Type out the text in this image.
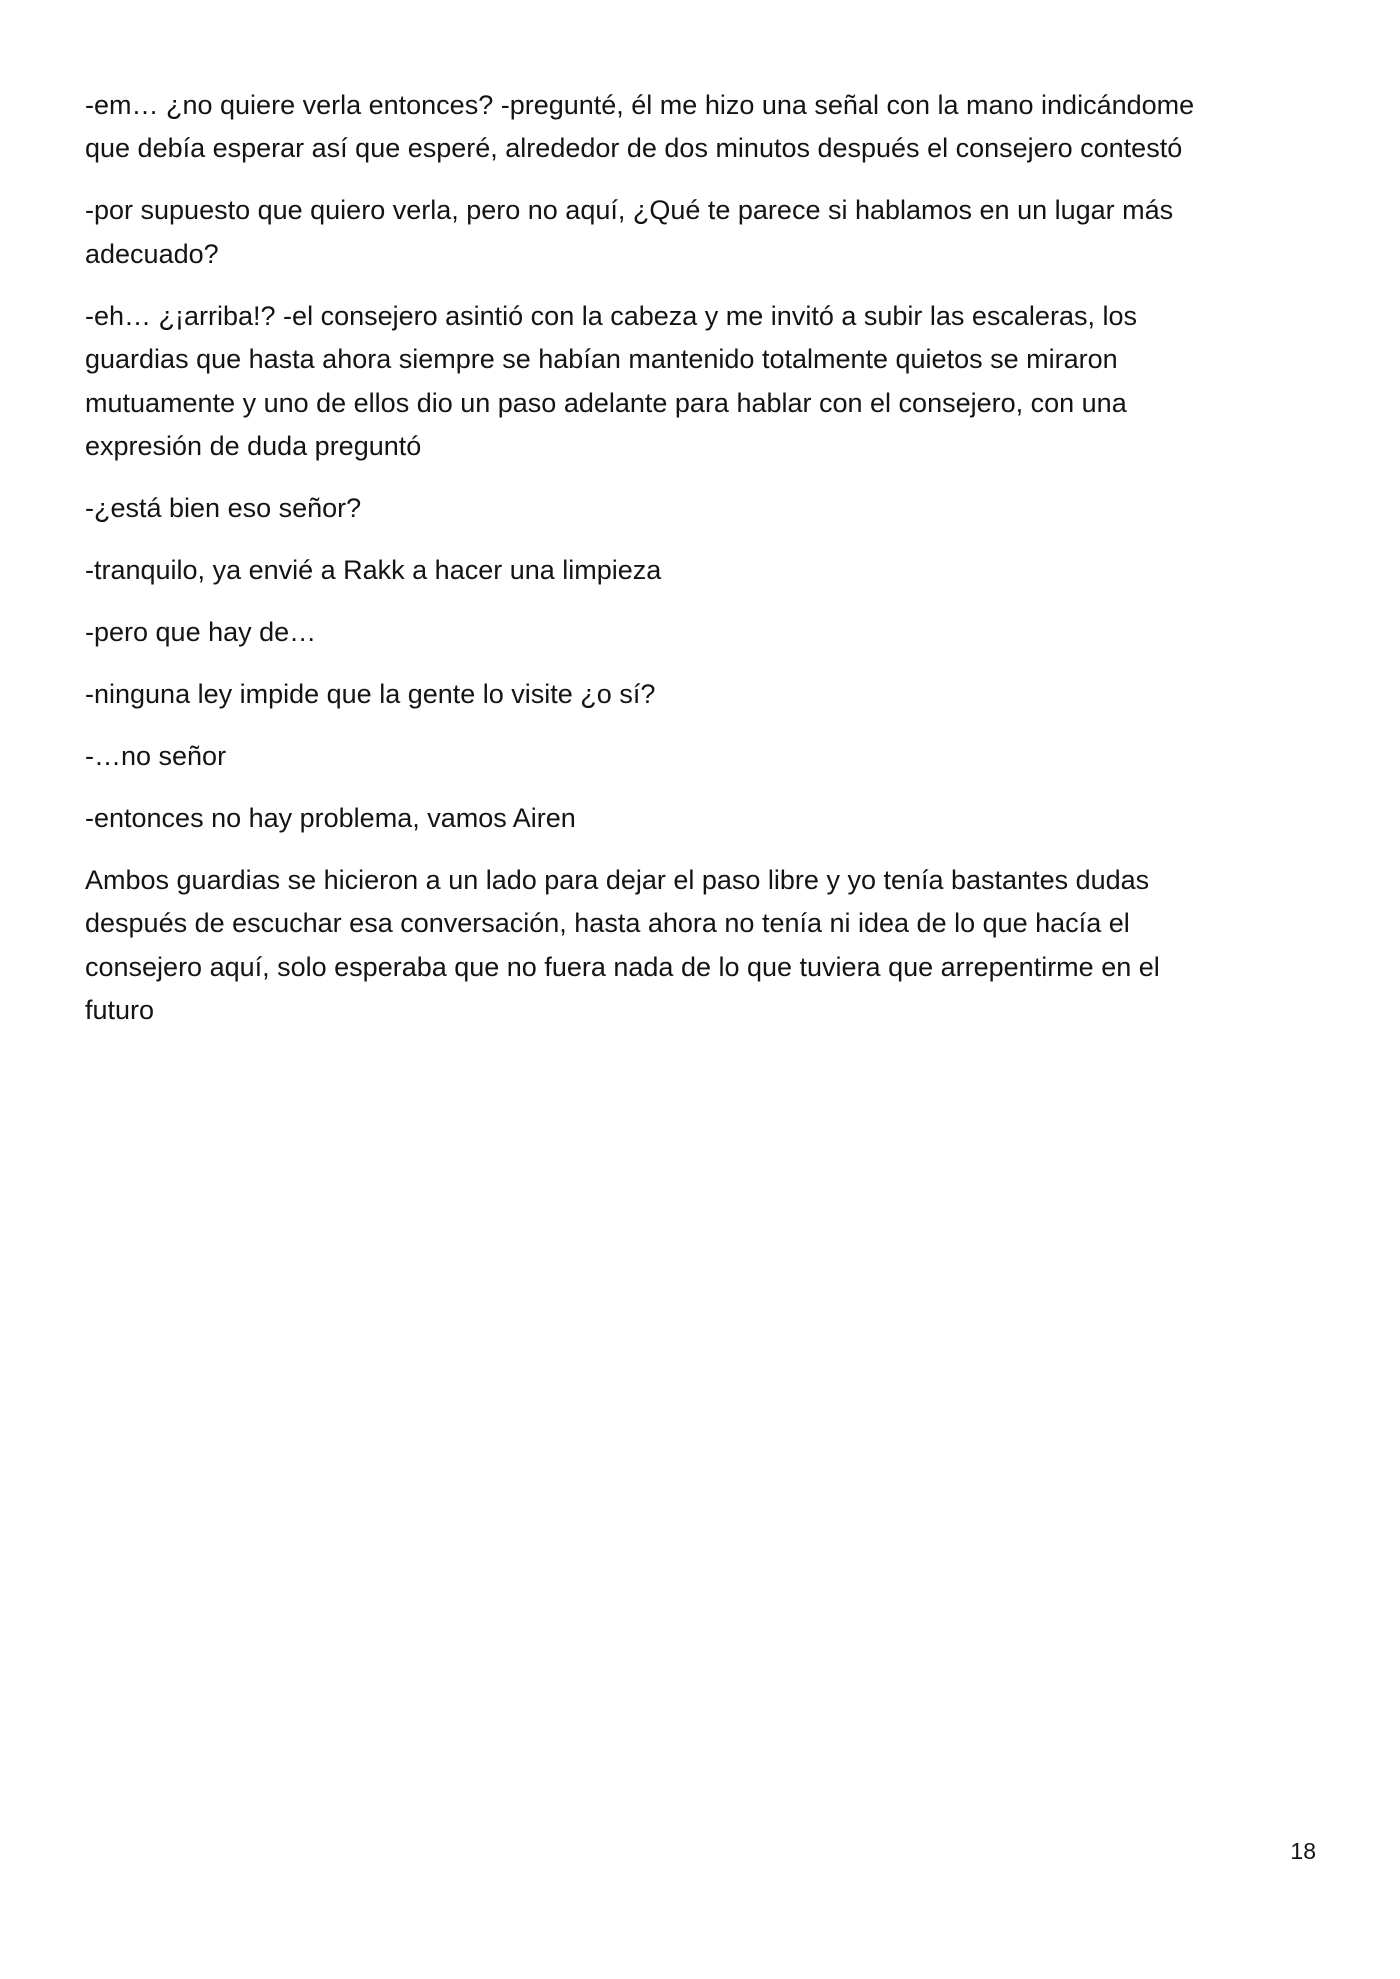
-em… ¿no quiere verla entonces? -pregunté, él me hizo una señal con la mano indicándome
que debía esperar así que esperé, alrededor de dos minutos después el consejero contestó

-por supuesto que quiero verla, pero no aquí, ¿Qué te parece si hablamos en un lugar más
adecuado?

-eh… ¿¡arriba!? -el consejero asintió con la cabeza y me invitó a subir las escaleras, los
guardias que hasta ahora siempre se habían mantenido totalmente quietos se miraron
mutuamente y uno de ellos dio un paso adelante para hablar con el consejero, con una
expresión de duda preguntó

-¿está bien eso señor?

-tranquilo, ya envié a Rakk a hacer una limpieza

-pero que hay de…

-ninguna ley impide que la gente lo visite ¿o sí?

-…no señor

-entonces no hay problema, vamos Airen

Ambos guardias se hicieron a un lado para dejar el paso libre y yo tenía bastantes dudas
después de escuchar esa conversación, hasta ahora no tenía ni idea de lo que hacía el
consejero aquí, solo esperaba que no fuera nada de lo que tuviera que arrepentirme en el
futuro

18
